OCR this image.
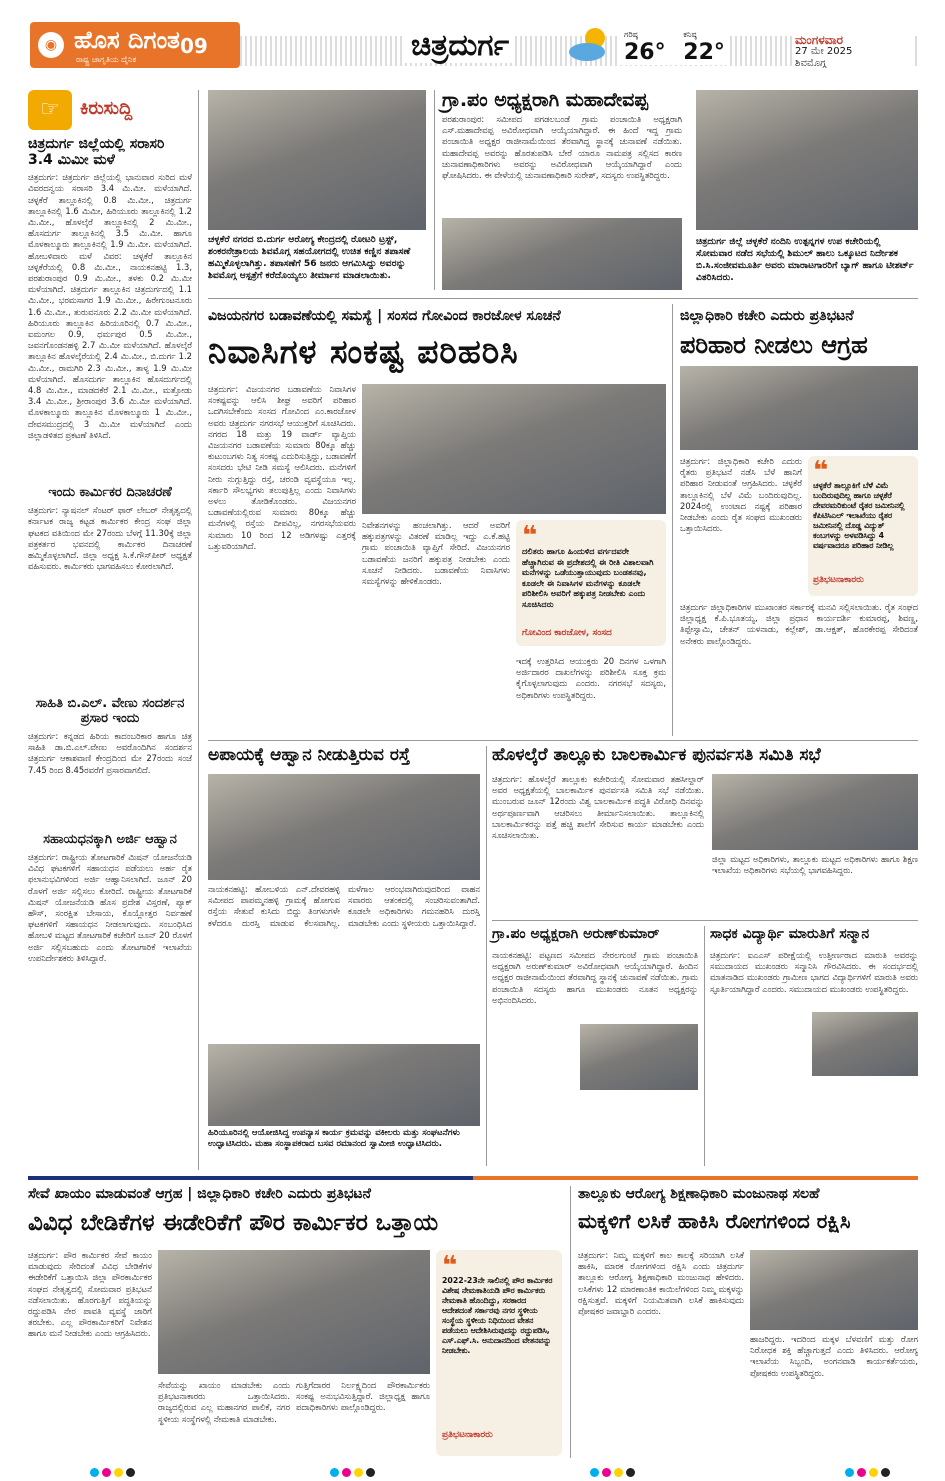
◉ ಹೊಸ ದಿಗಂತ 09
ರಾಷ್ಟ್ರ ಜಾಗೃತಿಯ ದೈನಿಕ	ಚಿತ್ರದುರ್ಗ	ಗರಿಷ್ಠ
26°
ಕನಿಷ್ಠ
22°	ಮಂಗಳವಾರ
27 ಮೇ 2025
ಶಿವಮೊಗ್ಗ
☞	ಕಿರುಸುದ್ದಿ
ಚಿತ್ರದುರ್ಗ ಜಿಲ್ಲೆಯಲ್ಲಿ ಸರಾಸರಿ 3.4 ಮಿಮೀ ಮಳೆ
ಚಿತ್ರದುರ್ಗ: ಚಿತ್ರದುರ್ಗ ಜಿಲ್ಲೆಯಲ್ಲಿ ಭಾನುವಾರ ಸುರಿದ ಮಳೆ ವಿವರದನ್ವಯ ಸರಾಸರಿ 3.4 ಮಿ.ಮೀ. ಮಳೆಯಾಗಿದೆ. ಚಳ್ಳಕೆರೆ ತಾಲ್ಲೂಕಿನಲ್ಲಿ 0.8 ಮಿ.ಮೀ., ಚಿತ್ರದುರ್ಗ ತಾಲ್ಲೂಕಿನಲ್ಲಿ 1.6 ಮಿಮೀ, ಹಿರಿಯೂರು ತಾಲ್ಲೂಕಿನಲ್ಲಿ 1.2 ಮಿ.ಮೀ., ಹೊಳಲ್ಕೆರೆ ತಾಲ್ಲೂಕಿನಲ್ಲಿ 2 ಮಿ.ಮೀ., ಹೊಸದುರ್ಗ ತಾಲ್ಲೂಕಿನಲ್ಲಿ 3.5 ಮಿ.ಮೀ. ಹಾಗೂ ಮೊಳಕಾಲ್ಮೂರು ತಾಲ್ಲೂಕಿನಲ್ಲಿ 1.9 ಮಿ.ಮೀ. ಮಳೆಯಾಗಿದೆ. ಹೋಬಳಿವಾರು ಮಳೆ ವಿವರ: ಚಳ್ಳಕೆರೆ ತಾಲ್ಲೂಕಿನ ಚಳ್ಳಕೆರೆಯಲ್ಲಿ 0.8 ಮಿ.ಮೀ., ನಾಯಕನಹಟ್ಟಿ 1.3, ಪರಶುರಾಂಪುರ 0.9 ಮಿ.ಮೀ., ತಳಕು 0.2 ಮಿ.ಮೀ ಮಳೆಯಾಗಿದೆ. ಚಿತ್ರದುರ್ಗ ತಾಲ್ಲೂಕಿನ ಚಿತ್ರದುರ್ಗದಲ್ಲಿ 1.1 ಮಿ.ಮೀ., ಭರಮಸಾಗರ 1.9 ಮಿ.ಮೀ., ಹಿರೇಗುಂಟನೂರು 1.6 ಮಿ.ಮೀ., ತುರುವನೂರು 2.2 ಮಿ.ಮೀ ಮಳೆಯಾಗಿದೆ. ಹಿರಿಯೂರು ತಾಲ್ಲೂಕಿನ ಹಿರಿಯೂರಿನಲ್ಲಿ 0.7 ಮಿ.ಮೀ., ಐಮಂಗಲ 0.9, ಧರ್ಮಪುರ 0.5 ಮಿ.ಮೀ., ಜವನಗೊಂಡನಹಳ್ಳಿ 2.7 ಮಿ.ಮೀ ಮಳೆಯಾಗಿದೆ. ಹೊಳಲ್ಕೆರೆ ತಾಲ್ಲೂಕಿನ ಹೊಳಲ್ಕೆರೆಯಲ್ಲಿ 2.4 ಮಿ.ಮೀ., ಬಿ.ದುರ್ಗ 1.2 ಮಿ.ಮೀ., ರಾಮಗಿರಿ 2.3 ಮಿ.ಮೀ., ತಾಳ್ಯ 1.9 ಮಿ.ಮೀ ಮಳೆಯಾಗಿದೆ. ಹೊಸದುರ್ಗ ತಾಲ್ಲೂಕಿನ ಹೊಸದುರ್ಗದಲ್ಲಿ 4.8 ಮಿ.ಮೀ., ಮಾಡದಕೆರೆ 2.1 ಮಿ.ಮೀ., ಮತ್ತೋಡು 3.4 ಮಿ.ಮೀ., ಶ್ರೀರಾಂಪುರ 3.6 ಮಿ.ಮೀ ಮಳೆಯಾಗಿದೆ. ಮೊಳಕಾಲ್ಮೂರು ತಾಲ್ಲೂಕಿನ ಮೊಳಕಾಲ್ಮೂರು 1 ಮಿ.ಮೀ., ದೇವಸಮುದ್ರದಲ್ಲಿ 3 ಮಿ.ಮೀ ಮಳೆಯಾಗಿದೆ ಎಂದು ಜಿಲ್ಲಾಡಳಿತದ ಪ್ರಕಟಣೆ ತಿಳಿಸಿದೆ.
ಇಂದು ಕಾರ್ಮಿಕರ ದಿನಾಚರಣೆ
ಚಿತ್ರದುರ್ಗ: ನ್ಯಾಷನಲ್ ಸೆಂಟರ್ ಫಾರ್ ಲೇಬರ್ ನೇತೃತ್ವದಲ್ಲಿ ಕರ್ನಾಟಕ ರಾಜ್ಯ ಕಟ್ಟಡ ಕಾರ್ಮಿಕರ ಕೇಂದ್ರ ಸಂಘ ಜಿಲ್ಲಾ ಘಟಕದ ವತಿಯಿಂದ ಮೇ 27ರಂದು ಬೆಳಗ್ಗೆ 11.30ಕ್ಕೆ ಜಿಲ್ಲಾ ಪತ್ರಕರ್ತರ ಭವನದಲ್ಲಿ ಕಾರ್ಮಿಕರ ದಿನಾಚರಣೆ ಹಮ್ಮಿಕೊಳ್ಳಲಾಗಿದೆ. ಜಿಲ್ಲಾ ಅಧ್ಯಕ್ಷ ಸಿ.ಕೆ.ಗೌಸ್‌ಪೀರ್ ಅಧ್ಯಕ್ಷತೆ ವಹಿಸುವರು. ಕಾರ್ಮಿಕರು ಭಾಗವಹಿಸಲು ಕೋರಲಾಗಿದೆ.
ಸಾಹಿತಿ ಬಿ.ಎಲ್. ವೇಣು ಸಂದರ್ಶನ ಪ್ರಸಾರ ಇಂದು
ಚಿತ್ರದುರ್ಗ: ಕನ್ನಡದ ಹಿರಿಯ ಕಾದಂಬರಿಕಾರ ಹಾಗೂ ಚಿತ್ರ ಸಾಹಿತಿ ಡಾ.ಬಿ.ಎಲ್.ವೇಣು ಅವರೊಂದಿಗಿನ ಸಂದರ್ಶನ ಚಿತ್ರದುರ್ಗ ಆಕಾಶವಾಣಿ ಕೇಂದ್ರದಿಂದ ಮೇ 27ರಂದು ಸಂಜೆ 7.45 ರಿಂದ 8.45ರವರೆಗೆ ಪ್ರಸಾರವಾಗಲಿದೆ.
ಸಹಾಯಧನಕ್ಕಾಗಿ ಅರ್ಜಿ ಆಹ್ವಾನ
ಚಿತ್ರದುರ್ಗ: ರಾಷ್ಟ್ರೀಯ ತೋಟಗಾರಿಕೆ ಮಿಷನ್ ಯೋಜನೆಯಡಿ ವಿವಿಧ ಘಟಕಗಳಿಗೆ ಸಹಾಯಧನ ಪಡೆಯಲು ಅರ್ಹ ರೈತ ಫಲಾನುಭವಿಗಳಿಂದ ಅರ್ಜಿ ಆಹ್ವಾನಿಸಲಾಗಿದೆ. ಜೂನ್ 20 ರೊಳಗೆ ಅರ್ಜಿ ಸಲ್ಲಿಸಲು ಕೋರಿದೆ. ರಾಷ್ಟ್ರೀಯ ತೋಟಗಾರಿಕೆ ಮಿಷನ್ ಯೋಜನೆಯಡಿ ಹೊಸ ಪ್ರದೇಶ ವಿಸ್ತರಣೆ, ಪ್ಯಾಕ್ ಹೌಸ್, ಸಂರಕ್ಷಿತ ಬೇಸಾಯ, ಕೊಯ್ಲೋತ್ತರ ನಿರ್ವಹಣೆ ಘಟಕಗಳಿಗೆ ಸಹಾಯಧನ ನೀಡಲಾಗುವುದು. ಸಂಬಂಧಿಸಿದ ಹೋಬಳಿ ಮಟ್ಟದ ತೋಟಗಾರಿಕೆ ಕಚೇರಿಗೆ ಜೂನ್ 20 ರೊಳಗೆ ಅರ್ಜಿ ಸಲ್ಲಿಸಬಹುದು ಎಂದು ತೋಟಗಾರಿಕೆ ಇಲಾಖೆಯ ಉಪನಿರ್ದೇಶಕರು ತಿಳಿಸಿದ್ದಾರೆ.
ಚಳ್ಳಕೆರೆ ನಗರದ ಬಿ.ದುರ್ಗ ಆರೋಗ್ಯ ಕೇಂದ್ರದಲ್ಲಿ ರೋಟರಿ ಟ್ರಸ್ಟ್, ಶಂಕರನೇತ್ರಾಲಯ ಶಿವಮೊಗ್ಗ ಸಹಯೋಗದಲ್ಲಿ ಉಚಿತ ಕಣ್ಣಿನ ತಪಾಸಣೆ ಹಮ್ಮಿಕೊಳ್ಳಲಾಗಿತ್ತು. ತಪಾಸಣೆಗೆ 56 ಜನರು ಆಗಮಿಸಿದ್ದು ಅವರನ್ನು ಶಿವಮೊಗ್ಗ ಆಸ್ಪತ್ರೆಗೆ ಕರೆದೊಯ್ಯಲು ತೀರ್ಮಾನ ಮಾಡಲಾಯಿತು.
ಗ್ರಾ.ಪಂ ಅಧ್ಯಕ್ಷರಾಗಿ ಮಹಾದೇವಪ್ಪ
ಪರಶುರಾಂಪುರ: ಸಮೀಪದ ಪಗಡಲಬಂಡೆ ಗ್ರಾಮ ಪಂಚಾಯಿತಿ ಅಧ್ಯಕ್ಷರಾಗಿ ಎಸ್.ಮಹಾದೇವಪ್ಪ ಅವಿರೋಧವಾಗಿ ಆಯ್ಕೆಯಾಗಿದ್ದಾರೆ. ಈ ಹಿಂದೆ ಇದ್ದ ಗ್ರಾಮ ಪಂಚಾಯಿತಿ ಅಧ್ಯಕ್ಷರ ರಾಜೀನಾಮೆಯಿಂದ ತೆರವಾಗಿದ್ದ ಸ್ಥಾನಕ್ಕೆ ಚುನಾವಣೆ ನಡೆಯಿತು. ಮಹಾದೇವಪ್ಪ ಅವರನ್ನು ಹೊರತುಪಡಿಸಿ ಬೇರೆ ಯಾರೂ ನಾಮಪತ್ರ ಸಲ್ಲಿಸದ ಕಾರಣ ಚುನಾವಣಾಧಿಕಾರಿಗಳು ಅವರನ್ನು ಅವಿರೋಧವಾಗಿ ಆಯ್ಕೆಯಾಗಿದ್ದಾರೆ ಎಂದು ಘೋಷಿಸಿದರು. ಈ ವೇಳೆಯಲ್ಲಿ ಚುನಾವಣಾಧಿಕಾರಿ ಸುರೇಶ್, ಸದಸ್ಯರು ಉಪಸ್ಥಿತರಿದ್ದರು.
ಚಿತ್ರದುರ್ಗ ಜಿಲ್ಲೆ ಚಳ್ಳಕೆರೆ ನಂದಿನಿ ಉತ್ಪನ್ನಗಳ ಉಪ ಕಚೇರಿಯಲ್ಲಿ ಸೋಮವಾರ ನಡೆದ ಸಭೆಯಲ್ಲಿ ಶಿಮುಲ್ ಹಾಲು ಒಕ್ಕೂಟದ ನಿರ್ದೇಶಕ ಬಿ.ಸಿ.ಸಂಜೀವಮೂರ್ತಿ ಅವರು ಮಾರಾಟಗಾರರಿಗೆ ಬ್ಯಾಗ್ ಹಾಗೂ ಟೀಶರ್ಟ್ ವಿತರಿಸಿದರು.
ವಿಜಯನಗರ ಬಡಾವಣೆಯಲ್ಲಿ ಸಮಸ್ಯೆ | ಸಂಸದ ಗೋವಿಂದ ಕಾರಜೋಳ ಸೂಚನೆ
ನಿವಾಸಿಗಳ ಸಂಕಷ್ಟ ಪರಿಹರಿಸಿ
ಚಿತ್ರದುರ್ಗ: ವಿಜಯನಗರ ಬಡಾವಣೆಯ ನಿವಾಸಿಗಳ ಸಂಕಷ್ಟವನ್ನು ಆಲಿಸಿ ಶೀಘ್ರ ಅವರಿಗೆ ಪರಿಹಾರ ಒದಗಿಸಬೇಕೆಂದು ಸಂಸದ ಗೋವಿಂದ ಎಂ.ಕಾರಜೋಳ ಅವರು ಚಿತ್ರದುರ್ಗ ನಗರಸಭೆ ಆಯುಕ್ತರಿಗೆ ಸೂಚಿಸಿದರು. ನಗರದ 18 ಮತ್ತು 19 ವಾರ್ಡ್ ವ್ಯಾಪ್ತಿಯ ವಿಜಯನಗರ ಬಡಾವಣೆಯ ಸುಮಾರು 80ಕ್ಕೂ ಹೆಚ್ಚು ಕುಟುಂಬಗಳು ನಿತ್ಯ ಸಂಕಷ್ಟ ಎದುರಿಸುತ್ತಿದ್ದು, ಬಡಾವಣೆಗೆ ಸಂಸದರು ಭೇಟಿ ನೀಡಿ ಸಮಸ್ಯೆ ಆಲಿಸಿದರು. ಮನೆಗಳಿಗೆ ನೀರು ನುಗ್ಗುತ್ತಿದ್ದು ರಸ್ತೆ, ಚರಂಡಿ ವ್ಯವಸ್ಥೆಯೂ ಇಲ್ಲ. ಸರ್ಕಾರಿ ಸೌಲಭ್ಯಗಳು ತಲುಪುತ್ತಿಲ್ಲ ಎಂದು ನಿವಾಸಿಗಳು ಅಳಲು ತೋಡಿಕೊಂಡರು. ವಿಜಯನಗರ ಬಡಾವಣೆಯಲ್ಲಿರುವ ಸುಮಾರು 80ಕ್ಕೂ ಹೆಚ್ಚು ಮನೆಗಳಲ್ಲಿ ರಸ್ತೆಯ ದೀಪವಿಲ್ಲ, ನಗರಸಭೆಯವರು ಸುಮಾರು 10 ರಿಂದ 12 ಅಡಿಗಳಷ್ಟು ಎತ್ತರಕ್ಕೆ ಒತ್ತುವರಿಯಾಗಿದೆ.
ನಿವೇಶನಗಳನ್ನು ಹಂಚಲಾಗಿತ್ತು. ಆದರೆ ಅವರಿಗೆ ಹಕ್ಕುಪತ್ರಗಳನ್ನು ವಿತರಣೆ ಮಾಡಿಲ್ಲ ಇದ್ದು ಎ.ಕೆ.ಹಟ್ಟಿ ಗ್ರಾಮ ಪಂಚಾಯಿತಿ ವ್ಯಾಪ್ತಿಗೆ ಸೇರಿದೆ. ವಿಜಯನಗರ ಬಡಾವಣೆಯ ಜನರಿಗೆ ಹಕ್ಕುಪತ್ರ ನೀಡಬೇಕು ಎಂದು ಸೂಚನೆ ನೀಡಿದರು. ಬಡಾವಣೆಯ ನಿವಾಸಿಗಳು ಸಮಸ್ಯೆಗಳನ್ನು ಹೇಳಿಕೊಂಡರು.
❝
ದಲಿತರು ಹಾಗೂ ಹಿಂದುಳಿದ ವರ್ಗದವರೇ ಹೆಚ್ಚಾಗಿರುವ ಈ ಪ್ರದೇಶದಲ್ಲಿ ಈ ರೀತಿ ವಿಶಾಲವಾಗಿ ಮನೆಗಳನ್ನು ಒಡೆಯುತ್ತಾಯುವುದು ಬಂಡತನವು, ಕೂಡಲೇ ಈ ನಿವಾಸಿಗಳ ಮನೆಗಳನ್ನು ಕೂಡಲೇ ಪರಿಶೀಲಿಸಿ ಅವರಿಗೆ ಹಕ್ಕುಪತ್ರ ನೀಡಬೇಕು ಎಂದು ಸೂಚಿಸಿದರು
ಗೋವಿಂದ ಕಾರಜೋಳ, ಸಂಸದ
ಇದಕ್ಕೆ ಉತ್ತರಿಸಿದ ಆಯುಕ್ತರು 20 ದಿನಗಳ ಒಳಗಾಗಿ ಅರ್ಜಿದಾರರ ದಾಖಲೆಗಳನ್ನು ಪರಿಶೀಲಿಸಿ ಸೂಕ್ತ ಕ್ರಮ ಕೈಗೊಳ್ಳಲಾಗುವುದು ಎಂದರು. ನಗರಸಭೆ ಸದಸ್ಯರು, ಅಧಿಕಾರಿಗಳು ಉಪಸ್ಥಿತರಿದ್ದರು.
ಜಿಲ್ಲಾಧಿಕಾರಿ ಕಚೇರಿ ಎದುರು ಪ್ರತಿಭಟನೆ
ಪರಿಹಾರ ನೀಡಲು ಆಗ್ರಹ
ಚಿತ್ರದುರ್ಗ: ಜಿಲ್ಲಾಧಿಕಾರಿ ಕಚೇರಿ ಎದುರು ರೈತರು ಪ್ರತಿಭಟನೆ ನಡೆಸಿ ಬೆಳೆ ಹಾನಿಗೆ ಪರಿಹಾರ ನೀಡುವಂತೆ ಆಗ್ರಹಿಸಿದರು. ಚಳ್ಳಕೆರೆ ತಾಲ್ಲೂಕಿನಲ್ಲಿ ಬೆಳೆ ವಿಮೆ ಬಂದಿರುವುದಿಲ್ಲ. 2024ರಲ್ಲಿ ಉಂಟಾದ ನಷ್ಟಕ್ಕೆ ಪರಿಹಾರ ನೀಡಬೇಕು ಎಂದು ರೈತ ಸಂಘದ ಮುಖಂಡರು ಒತ್ತಾಯಿಸಿದರು.
❝
ಚಳ್ಳಕೆರೆ ತಾಲ್ಲೂಕಿಗೆ ಬೆಳೆ ವಿಮೆ ಬಂದಿರುವುದಿಲ್ಲ ಹಾಗೂ ಚಳ್ಳಕೆರೆ ದೇವರಮರಿಕುಂಟೆ ರೈತರ ಜಮೀನಿನಲ್ಲಿ ಕೆಪಿಟಿಸಿಎಲ್ ಇಲಾಖೆಯು ರೈತರ ಜಮೀನಿನಲ್ಲಿ ದೊಡ್ಡ ವಿದ್ಯುತ್ ಕಂಬಗಳನ್ನು ಅಳವಡಿಸಿದ್ದು 4 ವರ್ಷವಾದರೂ ಪರಿಹಾರ ನೀಡಿಲ್ಲ
ಪ್ರತಿಭಟನಾಕಾರರು
ಚಿತ್ರದುರ್ಗ ಜಿಲ್ಲಾಧಿಕಾರಿಗಳ ಮುಖಾಂತರ ಸರ್ಕಾರಕ್ಕೆ ಮನವಿ ಸಲ್ಲಿಸಲಾಯಿತು. ರೈತ ಸಂಘದ ಜಿಲ್ಲಾಧ್ಯಕ್ಷ ಕೆ.ಪಿ.ಭೂತಯ್ಯ, ಜಿಲ್ಲಾ ಪ್ರಧಾನ ಕಾರ್ಯದರ್ಶಿ ಕುಮಾರಪ್ಪ, ಶಿವಣ್ಣ, ತಿಪ್ಪೇಸ್ವಾಮಿ, ಚೇತನ್ ಯಳನಾಡು, ಕಲ್ಲೇಶ್, ಡಾ.ಆಕ್ಷತ್, ಹೊರಕೇರಪ್ಪ ಸೇರಿದಂತೆ ಅನೇಕರು ಪಾಲ್ಗೊಂಡಿದ್ದರು.
ಅಪಾಯಕ್ಕೆ ಆಹ್ವಾನ ನೀಡುತ್ತಿರುವ ರಸ್ತೆ
ನಾಯಕನಹಟ್ಟಿ: ಹೋಬಳಿಯ ಎನ್.ದೇವರಹಳ್ಳಿ ಸಮೀಪದ ಪಾಪಮ್ಮನಹಳ್ಳಿ ಗ್ರಾಮಕ್ಕೆ ಹೋಗುವ ರಸ್ತೆಯ ಸೇತುವೆ ಕುಸಿದು ಬಿದ್ದು ತಿಂಗಳುಗಳೇ ಕಳೆದರೂ ದುರಸ್ತಿ ಮಾಡುವ ಕೆಲಸವಾಗಿಲ್ಲ. ಮಳೆಗಾಲ ಆರಂಭವಾಗಿರುವುದರಿಂದ ವಾಹನ ಸವಾರರು ಆತಂಕದಲ್ಲಿ ಸಂಚರಿಸುವಂತಾಗಿದೆ. ಕೂಡಲೇ ಅಧಿಕಾರಿಗಳು ಗಮನಹರಿಸಿ ದುರಸ್ತಿ ಮಾಡಬೇಕು ಎಂದು ಸ್ಥಳೀಯರು ಒತ್ತಾಯಿಸಿದ್ದಾರೆ.
ಹಿರಿಯೂರಿನಲ್ಲಿ ಆಯೋಜಿಸಿದ್ದ ಉಪನ್ಯಾಸ ಕಾರ್ಯ ಕ್ರಮವನ್ನು ವಕೀಲರು ಮತ್ತು ಸಂಘಟನೆಗಳು ಉದ್ಘಾಟಿಸಿದರು. ಮಹಾ ಸಂಸ್ಥಾಪಕರಾದ ಬಸವ ರಮಾನಂದ ಸ್ವಾಮೀಜಿ ಉದ್ಘಾಟಿಸಿದರು.
ಹೊಳಲ್ಕೆರೆ ತಾಲ್ಲೂಕು ಬಾಲಕಾರ್ಮಿಕ ಪುನರ್ವಸತಿ ಸಮಿತಿ ಸಭೆ
ಚಿತ್ರದುರ್ಗ: ಹೊಳಲ್ಕೆರೆ ತಾಲ್ಲೂಕು ಕಚೇರಿಯಲ್ಲಿ ಸೋಮವಾರ ತಹಸೀಲ್ದಾರ್ ಅವರ ಅಧ್ಯಕ್ಷತೆಯಲ್ಲಿ ಬಾಲಕಾರ್ಮಿಕ ಪುನರ್ವಸತಿ ಸಮಿತಿ ಸಭೆ ನಡೆಯಿತು. ಮುಂಬರುವ ಜೂನ್ 12ರಂದು ವಿಶ್ವ ಬಾಲಕಾರ್ಮಿಕ ಪದ್ಧತಿ ವಿರೋಧಿ ದಿನವನ್ನು ಅರ್ಥಪೂರ್ಣವಾಗಿ ಆಚರಿಸಲು ತೀರ್ಮಾನಿಸಲಾಯಿತು. ತಾಲ್ಲೂಕಿನಲ್ಲಿ ಬಾಲಕಾರ್ಮಿಕರನ್ನು ಪತ್ತೆ ಹಚ್ಚಿ ಶಾಲೆಗೆ ಸೇರಿಸುವ ಕಾರ್ಯ ಮಾಡಬೇಕು ಎಂದು ಸೂಚಿಸಲಾಯಿತು.
ಜಿಲ್ಲಾ ಮಟ್ಟದ ಅಧಿಕಾರಿಗಳು, ತಾಲ್ಲೂಕು ಮಟ್ಟದ ಅಧಿಕಾರಿಗಳು ಹಾಗೂ ಶಿಕ್ಷಣ ಇಲಾಖೆಯ ಅಧಿಕಾರಿಗಳು ಸಭೆಯಲ್ಲಿ ಭಾಗವಹಿಸಿದ್ದರು.
ಗ್ರಾ.ಪಂ ಅಧ್ಯಕ್ಷರಾಗಿ ಅರುಣ್‌ಕುಮಾರ್
ನಾಯಕನಹಟ್ಟಿ: ಪಟ್ಟಣದ ಸಮೀಪದ ನೇರಲಗುಂಟೆ ಗ್ರಾಮ ಪಂಚಾಯಿತಿ ಅಧ್ಯಕ್ಷರಾಗಿ ಅರುಣ್‌ಕುಮಾರ್ ಅವಿರೋಧವಾಗಿ ಆಯ್ಕೆಯಾಗಿದ್ದಾರೆ. ಹಿಂದಿನ ಅಧ್ಯಕ್ಷರ ರಾಜೀನಾಮೆಯಿಂದ ತೆರವಾಗಿದ್ದ ಸ್ಥಾನಕ್ಕೆ ಚುನಾವಣೆ ನಡೆಯಿತು. ಗ್ರಾಮ ಪಂಚಾಯಿತಿ ಸದಸ್ಯರು ಹಾಗೂ ಮುಖಂಡರು ನೂತನ ಅಧ್ಯಕ್ಷರನ್ನು ಅಭಿನಂದಿಸಿದರು.
ಸಾಧಕ ವಿದ್ಯಾರ್ಥಿ ಮಾರುತಿಗೆ ಸನ್ಮಾನ
ಚಿತ್ರದುರ್ಗ: ಐಎಎಸ್ ಪರೀಕ್ಷೆಯಲ್ಲಿ ಉತ್ತೀರ್ಣರಾದ ಮಾರುತಿ ಅವರನ್ನು ಸಮುದಾಯದ ಮುಖಂಡರು ಸನ್ಮಾನಿಸಿ ಗೌರವಿಸಿದರು. ಈ ಸಂದರ್ಭದಲ್ಲಿ ಮಾತನಾಡಿದ ಮುಖಂಡರು ಗ್ರಾಮೀಣ ಭಾಗದ ವಿದ್ಯಾರ್ಥಿಗಳಿಗೆ ಮಾರುತಿ ಅವರು ಸ್ಫೂರ್ತಿಯಾಗಿದ್ದಾರೆ ಎಂದರು. ಸಮುದಾಯದ ಮುಖಂಡರು ಉಪಸ್ಥಿತರಿದ್ದರು.
ಸೇವೆ ಖಾಯಂ ಮಾಡುವಂತೆ ಆಗ್ರಹ | ಜಿಲ್ಲಾಧಿಕಾರಿ ಕಚೇರಿ ಎದುರು ಪ್ರತಿಭಟನೆ
ವಿವಿಧ ಬೇಡಿಕೆಗಳ ಈಡೇರಿಕೆಗೆ ಪೌರ ಕಾರ್ಮಿಕರ ಒತ್ತಾಯ
ಚಿತ್ರದುರ್ಗ: ಪೌರ ಕಾರ್ಮಿಕರ ಸೇವೆ ಕಾಯಂ ಮಾಡುವುದು ಸೇರಿದಂತೆ ವಿವಿಧ ಬೇಡಿಕೆಗಳ ಈಡೇರಿಕೆಗೆ ಒತ್ತಾಯಿಸಿ ಜಿಲ್ಲಾ ಪೌರಕಾರ್ಮಿಕರ ಸಂಘದ ನೇತೃತ್ವದಲ್ಲಿ ಸೋಮವಾರ ಪ್ರತಿಭಟನೆ ನಡೆಸಲಾಯಿತು. ಹೊರಗುತ್ತಿಗೆ ಪದ್ಧತಿಯನ್ನು ರದ್ದುಪಡಿಸಿ ನೇರ ಪಾವತಿ ವ್ಯವಸ್ಥೆ ಜಾರಿಗೆ ತರಬೇಕು. ಎಲ್ಲ ಪೌರಕಾರ್ಮಿಕರಿಗೆ ನಿವೇಶನ ಹಾಗೂ ಮನೆ ನೀಡಬೇಕು ಎಂದು ಆಗ್ರಹಿಸಿದರು.
ಸೇವೆಯನ್ನು ಖಾಯಂ ಮಾಡಬೇಕು ಎಂದು ಪ್ರತಿಭಟನಾಕಾರರು ಒತ್ತಾಯಿಸಿದರು. ರಾಜ್ಯದಲ್ಲಿರುವ ಎಲ್ಲ ಮಹಾನಗರ ಪಾಲಿಕೆ, ನಗರ ಸ್ಥಳೀಯ ಸಂಸ್ಥೆಗಳಲ್ಲಿ ನೇಮಕಾತಿ ಮಾಡಬೇಕು.
ಗುತ್ತಿಗೆದಾರರ ನಿರ್ಲಕ್ಷ್ಯದಿಂದ ಪೌರಕಾರ್ಮಿಕರು ಸಂಕಷ್ಟ ಅನುಭವಿಸುತ್ತಿದ್ದಾರೆ. ಜಿಲ್ಲಾಧ್ಯಕ್ಷ ಹಾಗೂ ಪದಾಧಿಕಾರಿಗಳು ಪಾಲ್ಗೊಂಡಿದ್ದರು.
❝
2022-23ನೇ ಸಾಲಿನಲ್ಲಿ ಪೌರ ಕಾರ್ಮಿಕರ ವಿಶೇಷ ನೇಮಕಾತಿಯಡಿ ಪೌರ ಕಾರ್ಮಿಕರು ನೇಮಕಾತಿ ಹೊಂದಿದ್ದು, ಸರಕಾರದ ಆದೇಶದಂತೆ ಸರ್ಕಾರವು ನಗರ ಸ್ಥಳೀಯ ಸಂಸ್ಥೆಯ ಸ್ಥಳೀಯ ನಿಧಿಯಿಂದ ವೇತನ ಪಡೆಯಲು ಆದೇಶಿಸಿರುವುದನ್ನು ರದ್ದುಪಡಿಸಿ, ಎಸ್.ಎಫ್.ಸಿ. ಅನುದಾನದಿಂದ ವೇತನವನ್ನು ನೀಡಬೇಕು.
ಪ್ರತಿಭಟನಾಕಾರರು
ತಾಲ್ಲೂಕು ಆರೋಗ್ಯ ಶಿಕ್ಷಣಾಧಿಕಾರಿ ಮಂಜುನಾಥ ಸಲಹೆ
ಮಕ್ಕಳಿಗೆ ಲಸಿಕೆ ಹಾಕಿಸಿ ರೋಗಗಳಿಂದ ರಕ್ಷಿಸಿ
ಚಿತ್ರದುರ್ಗ: ನಿಮ್ಮ ಮಕ್ಕಳಿಗೆ ಕಾಲ ಕಾಲಕ್ಕೆ ಸರಿಯಾಗಿ ಲಸಿಕೆ ಹಾಕಿಸಿ, ಮಾರಕ ರೋಗಗಳಿಂದ ರಕ್ಷಿಸಿ ಎಂದು ಚಿತ್ರದುರ್ಗ ತಾಲ್ಲೂಕು ಆರೋಗ್ಯ ಶಿಕ್ಷಣಾಧಿಕಾರಿ ಮಂಜುನಾಥ ಹೇಳಿದರು. ಲಸಿಕೆಗಳು 12 ಮಾರಣಾಂತಿಕ ಕಾಯಿಲೆಗಳಿಂದ ನಿಮ್ಮ ಮಕ್ಕಳನ್ನು ರಕ್ಷಿಸುತ್ತವೆ. ಮಕ್ಕಳಿಗೆ ನಿಯಮಿತವಾಗಿ ಲಸಿಕೆ ಹಾಕಿಸುವುದು ಪೋಷಕರ ಜವಾಬ್ದಾರಿ ಎಂದರು.
ಹಾಜರಿದ್ದರು. ಇದರಿಂದ ಮಕ್ಕಳ ಬೆಳವಣಿಗೆ ಮತ್ತು ರೋಗ ನಿರೋಧಕ ಶಕ್ತಿ ಹೆಚ್ಚಾಗುತ್ತದೆ ಎಂದು ತಿಳಿಸಿದರು. ಆರೋಗ್ಯ ಇಲಾಖೆಯ ಸಿಬ್ಬಂದಿ, ಅಂಗನವಾಡಿ ಕಾರ್ಯಕರ್ತೆಯರು, ಪೋಷಕರು ಉಪಸ್ಥಿತರಿದ್ದರು.
